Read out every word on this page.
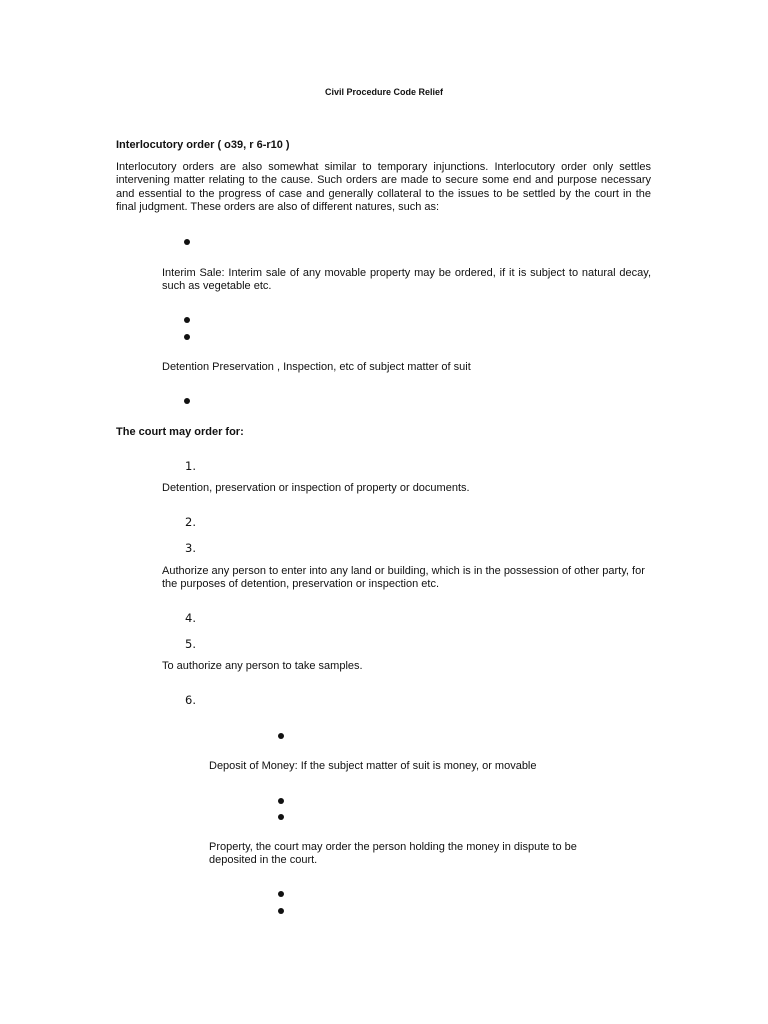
Civil Procedure Code Relief
Interlocutory order ( o39, r 6-r10 )
Interlocutory orders are also somewhat similar to temporary injunctions. Interlocutory order only settles intervening matter relating to the cause. Such orders are made to secure some end and purpose necessary and essential to the progress of case and generally collateral to the issues to be settled by the court in the final judgment. These orders are also of different natures, such as:
Interim Sale: Interim sale of any movable property may be ordered, if it is subject to natural decay, such as vegetable etc.
Detention Preservation , Inspection, etc of subject matter of suit
The court may order for:
1.
Detention, preservation or inspection of property or documents.
2.
3.
Authorize any person to enter into any land or building, which is in the possession of other party, for the purposes of detention, preservation or inspection etc.
4.
5.
To authorize any person to take samples.
6.
Deposit of Money: If the subject matter of suit is money, or movable
Property, the court may order the person holding the money in dispute to be deposited in the court.
